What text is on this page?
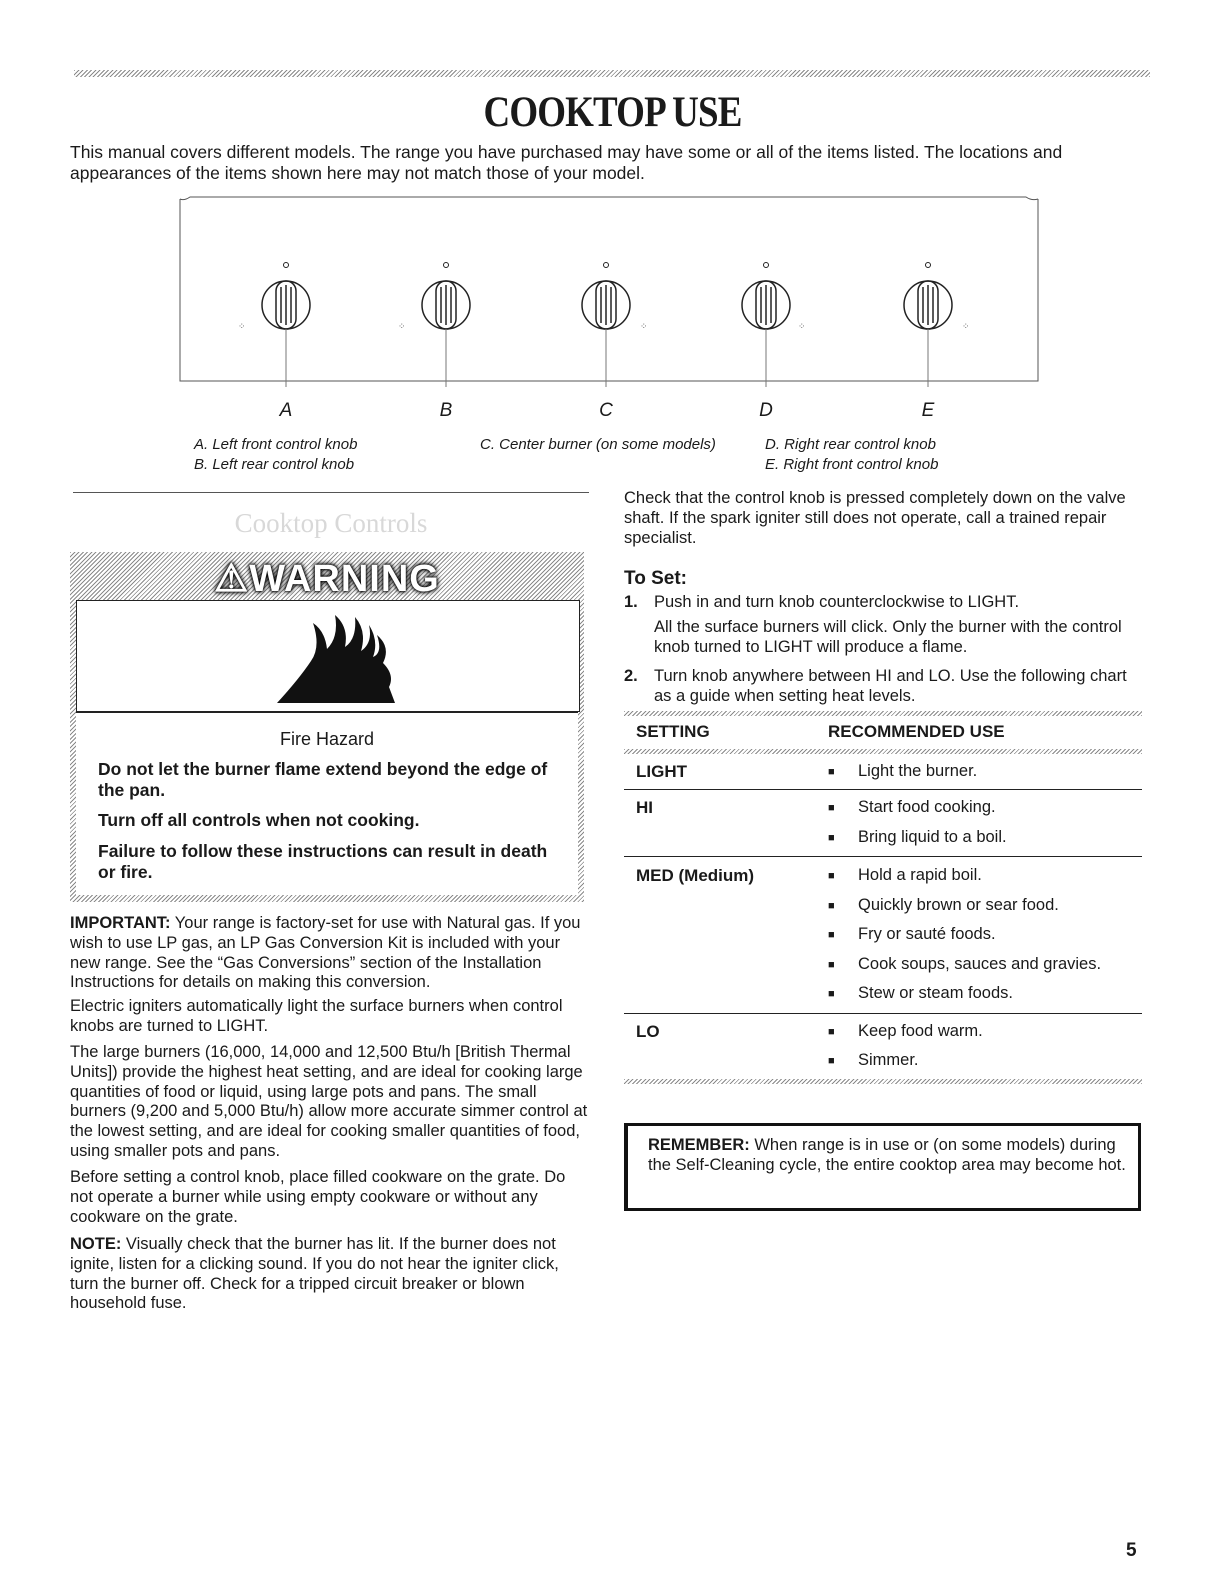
COOKTOP USE

This manual covers different models. The range you have purchased may have some or all of the items listed. The locations and appearances of the items shown here may not match those of your model.

⁘	⁘	⁘	⁘	⁘
A	B	C	D	E
A. Left front control knob
B. Left rear control knob
C. Center burner (on some models)	D. Right rear control knob
E. Right front control knob
Cooktop Controls
⚠WARNING
Fire Hazard

Do not let the burner flame extend beyond the edge of the pan.

Turn off all controls when not cooking.

Failure to follow these instructions can result in death or fire.

IMPORTANT: Your range is factory-set for use with Natural gas. If you wish to use LP gas, an LP Gas Conversion Kit is included with your new range. See the “Gas Conversions” section of the Installation Instructions for details on making this conversion.

Electric igniters automatically light the surface burners when control knobs are turned to LIGHT.

The large burners (16,000, 14,000 and 12,500 Btu/h [British Thermal Units]) provide the highest heat setting, and are ideal for cooking large quantities of food or liquid, using large pots and pans. The small burners (9,200 and 5,000 Btu/h) allow more accurate simmer control at the lowest setting, and are ideal for cooking smaller quantities of food, using smaller pots and pans.

Before setting a control knob, place filled cookware on the grate. Do not operate a burner while using empty cookware or without any cookware on the grate.

NOTE: Visually check that the burner has lit. If the burner does not ignite, listen for a clicking sound. If you do not hear the igniter click, turn the burner off. Check for a tripped circuit breaker or blown household fuse.

Check that the control knob is pressed completely down on the valve shaft. If the spark igniter still does not operate, call a trained repair specialist.

To Set:
1. Push in and turn knob counterclockwise to LIGHT.

All the surface burners will click. Only the burner with the control knob turned to LIGHT will produce a flame.

2. Turn knob anywhere between HI and LO. Use the following chart as a guide when setting heat levels.

SETTING	RECOMMENDED USE
LIGHT	■ Light the burner.
HI	■ Start food cooking.
■ Bring liquid to a boil.
MED (Medium)	■ Hold a rapid boil.
■ Quickly brown or sear food.
■ Fry or sauté foods.
■ Cook soups, sauces and gravies.
■ Stew or steam foods.
LO	■ Keep food warm.
■ Simmer.

REMEMBER: When range is in use or (on some models) during the Self-Cleaning cycle, the entire cooktop area may become hot.

5
